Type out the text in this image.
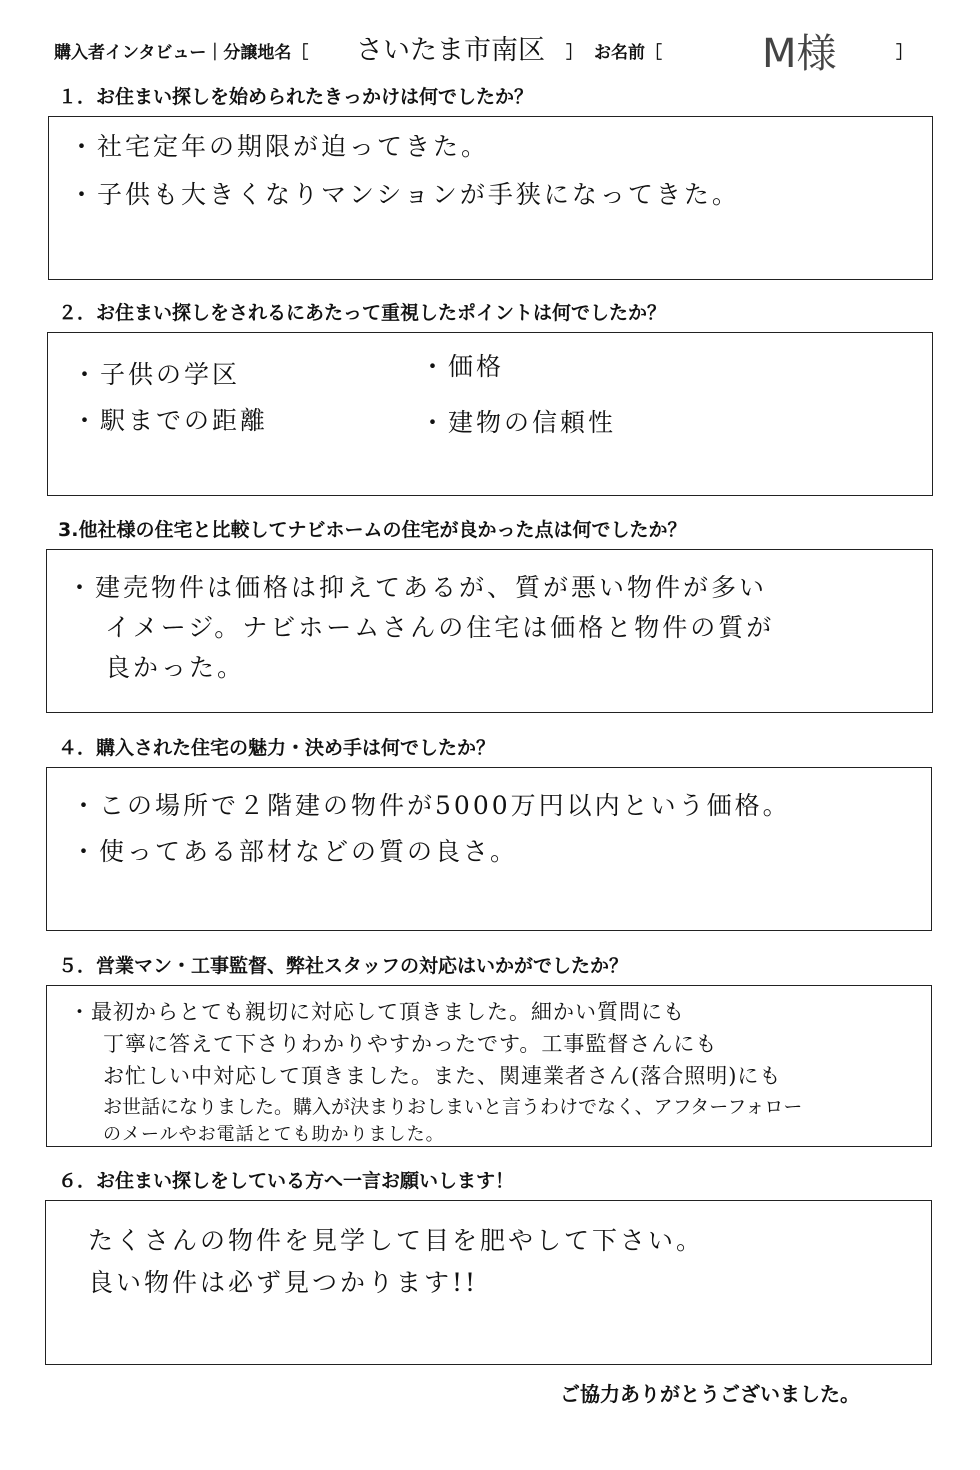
購入者インタビュー｜分譲地名［ さいたま市南区 ］ お名前［	M様	］
１．お住まい探しを始められたきっかけは何でしたか？
・社宅定年の期限が迫ってきた。
・子供も大きくなりマンションが手狭になってきた。
２．お住まい探しをされるにあたって重視したポイントは何でしたか？
・子供の学区	・価格
・駅までの距離	・建物の信頼性
3.他社様の住宅と比較してナビホームの住宅が良かった点は何でしたか？
・建売物件は価格は抑えてあるが、質が悪い物件が多い
イメージ。ナビホームさんの住宅は価格と物件の質が
良かった。
４．購入された住宅の魅力・決め手は何でしたか？
・この場所で２階建の物件が5000万円以内という価格。
・使ってある部材などの質の良さ。
５．営業マン・工事監督、弊社スタッフの対応はいかがでしたか？
・最初からとても親切に対応して頂きました。細かい質問にも
丁寧に答えて下さりわかりやすかったです。工事監督さんにも
お忙しい中対応して頂きました。また、関連業者さん(落合照明)にも
お世話になりました。購入が決まりおしまいと言うわけでなく、アフターフォロー
のメールやお電話とても助かりました。
６．お住まい探しをしている方へ一言お願いします！
たくさんの物件を見学して目を肥やして下さい。
良い物件は必ず見つかります!!
ご協力ありがとうございました。
